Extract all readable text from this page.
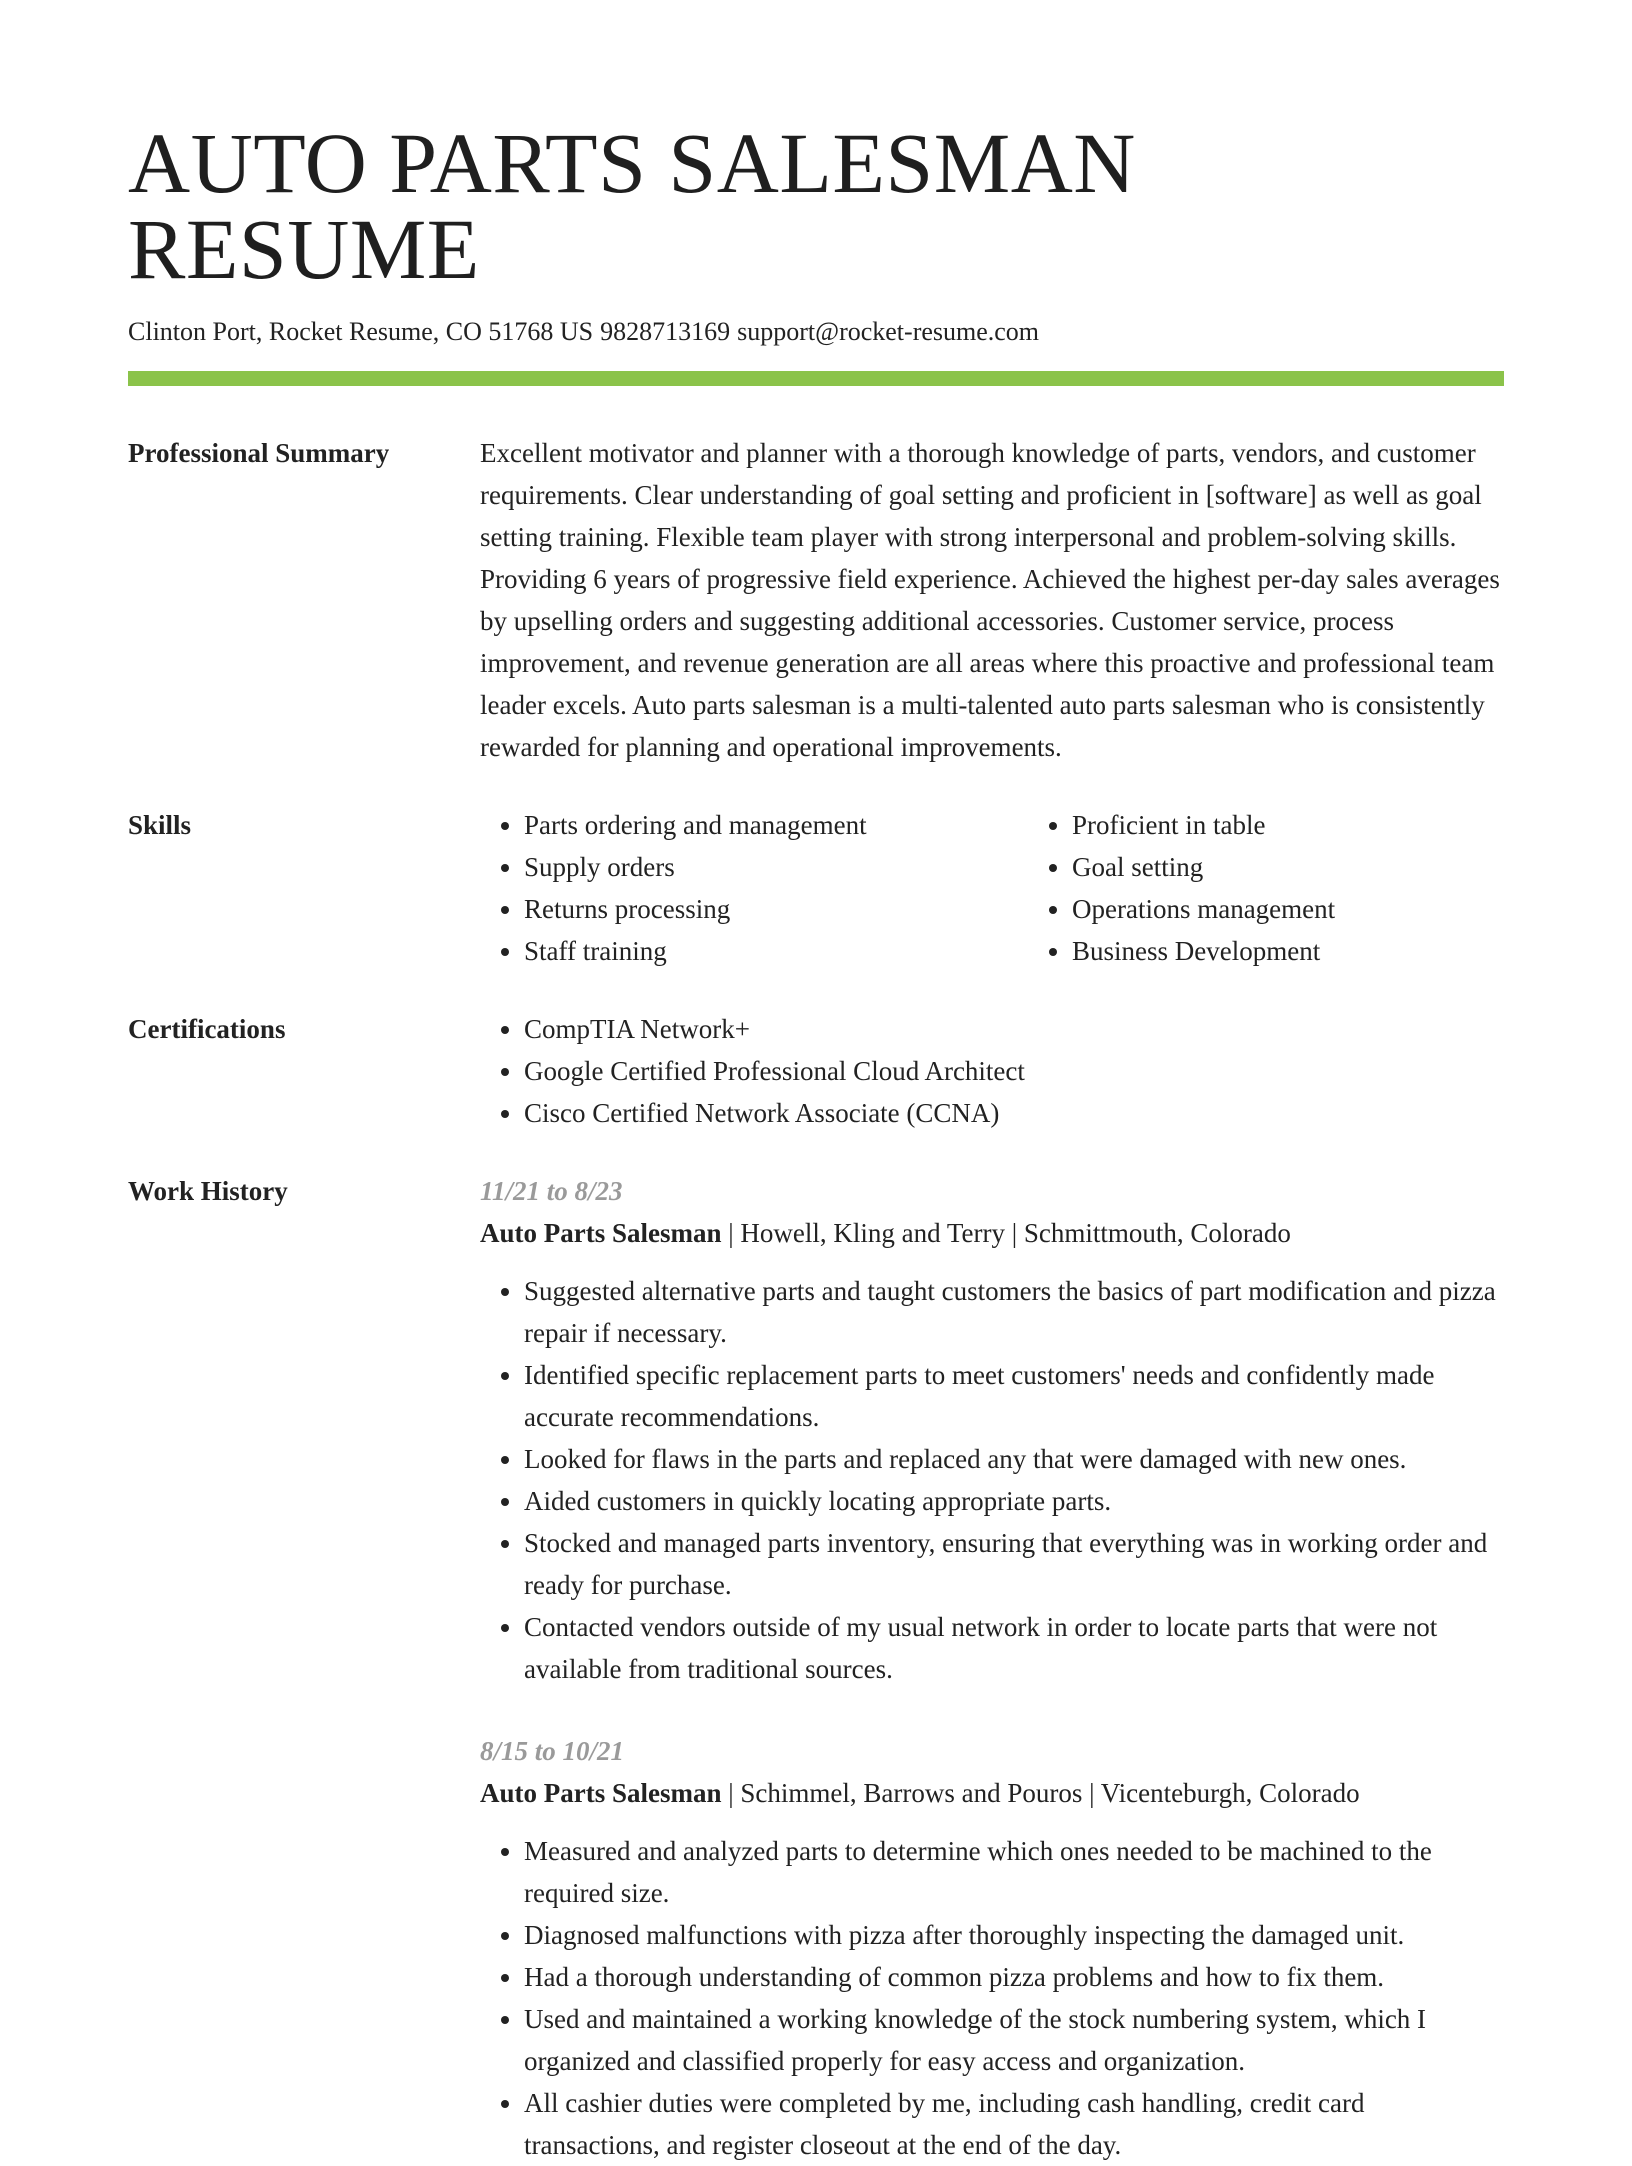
AUTO PARTS SALESMAN RESUME
Clinton Port, Rocket Resume, CO 51768 US 9828713169 support@rocket-resume.com
Professional Summary	Excellent motivator and planner with a thorough knowledge of parts, vendors, and customer requirements. Clear understanding of goal setting and proficient in [software] as well as goal setting training. Flexible team player with strong interpersonal and problem-solving skills. Providing 6 years of progressive field experience. Achieved the highest per-day sales averages by upselling orders and suggesting additional accessories. Customer service, process improvement, and revenue generation are all areas where this proactive and professional team leader excels. Auto parts salesman is a multi-talented auto parts salesman who is consistently rewarded for planning and operational improvements.

Skills	• Parts ordering and management
• Supply orders
• Returns processing
• Staff training
• Proficient in table
• Goal setting
• Operations management
• Business Development
Certifications	• CompTIA Network+
• Google Certified Professional Cloud Architect
• Cisco Certified Network Associate (CCNA)
Work History	11/21 to 8/23
Auto Parts Salesman | Howell, Kling and Terry | Schmittmouth, Colorado
• Suggested alternative parts and taught customers the basics of part modification and pizza repair if necessary.
• Identified specific replacement parts to meet customers' needs and confidently made accurate recommendations.
• Looked for flaws in the parts and replaced any that were damaged with new ones.
• Aided customers in quickly locating appropriate parts.
• Stocked and managed parts inventory, ensuring that everything was in working order and ready for purchase.
• Contacted vendors outside of my usual network in order to locate parts that were not available from traditional sources.
8/15 to 10/21
Auto Parts Salesman | Schimmel, Barrows and Pouros | Vicenteburgh, Colorado
• Measured and analyzed parts to determine which ones needed to be machined to the required size.
• Diagnosed malfunctions with pizza after thoroughly inspecting the damaged unit.
• Had a thorough understanding of common pizza problems and how to fix them.
• Used and maintained a working knowledge of the stock numbering system, which I organized and classified properly for easy access and organization.
• All cashier duties were completed by me, including cash handling, credit card transactions, and register closeout at the end of the day.
